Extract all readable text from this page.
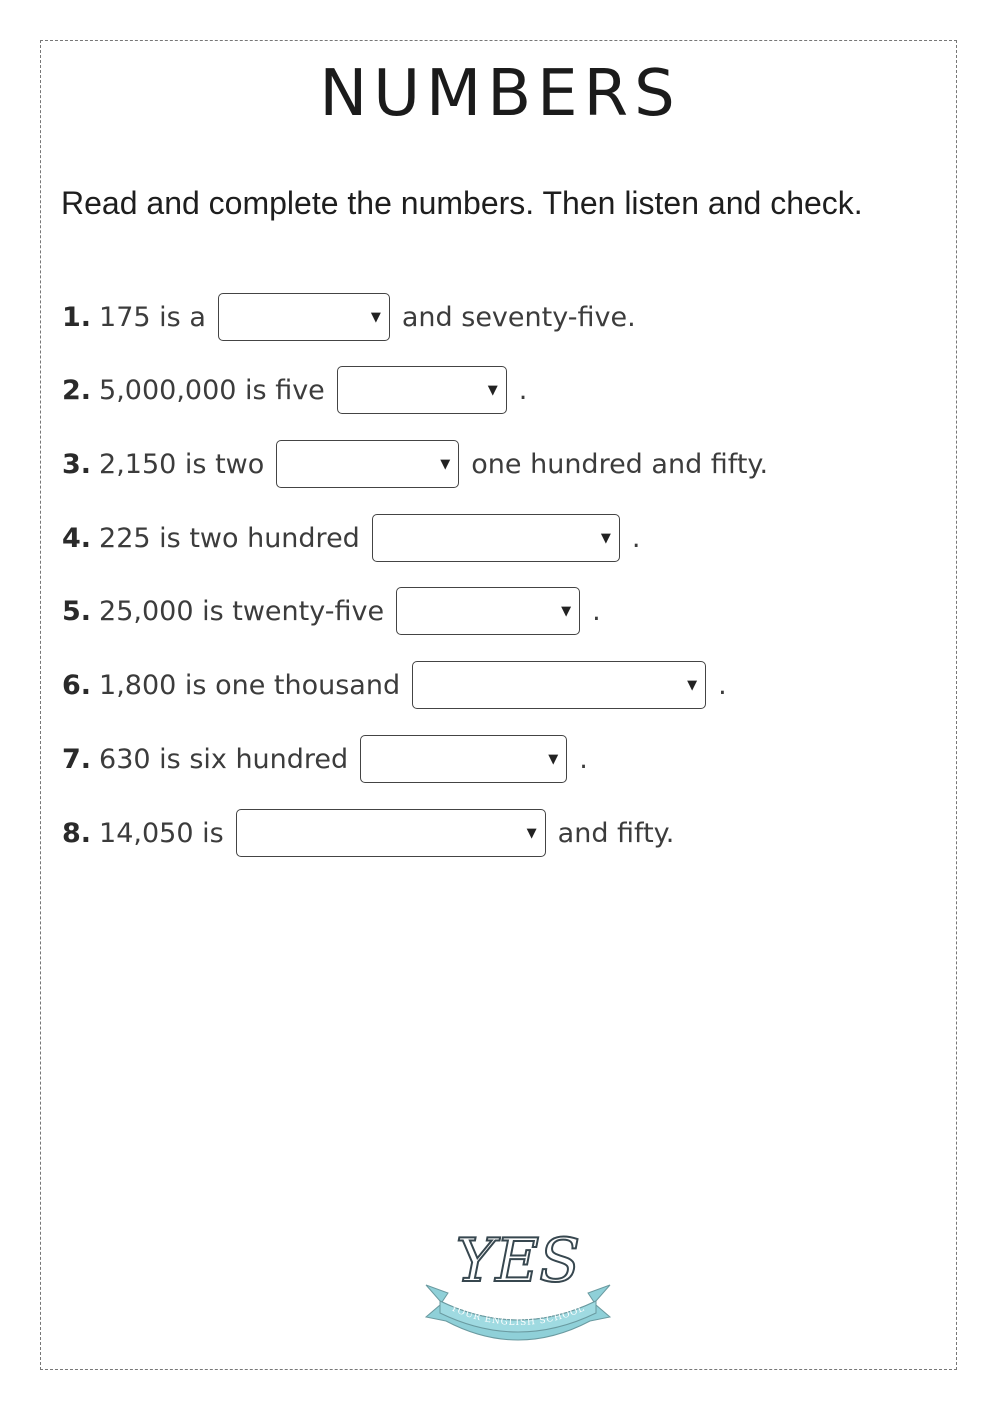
NUMBERS
Read and complete the numbers. Then listen and check.
1. 175 is a	▼ and seventy-five.
2. 5,000,000 is five	▼ .
3. 2,150 is two	▼ one hundred and fifty.
4. 225 is two hundred	▼ .
5. 25,000 is twenty-five	▼ .
6. 1,800 is one thousand	▼ .
7. 630 is six hundred	▼ .
8. 14,050 is	▼ and fifty.
YES
YOUR ENGLISH SCHOOL
